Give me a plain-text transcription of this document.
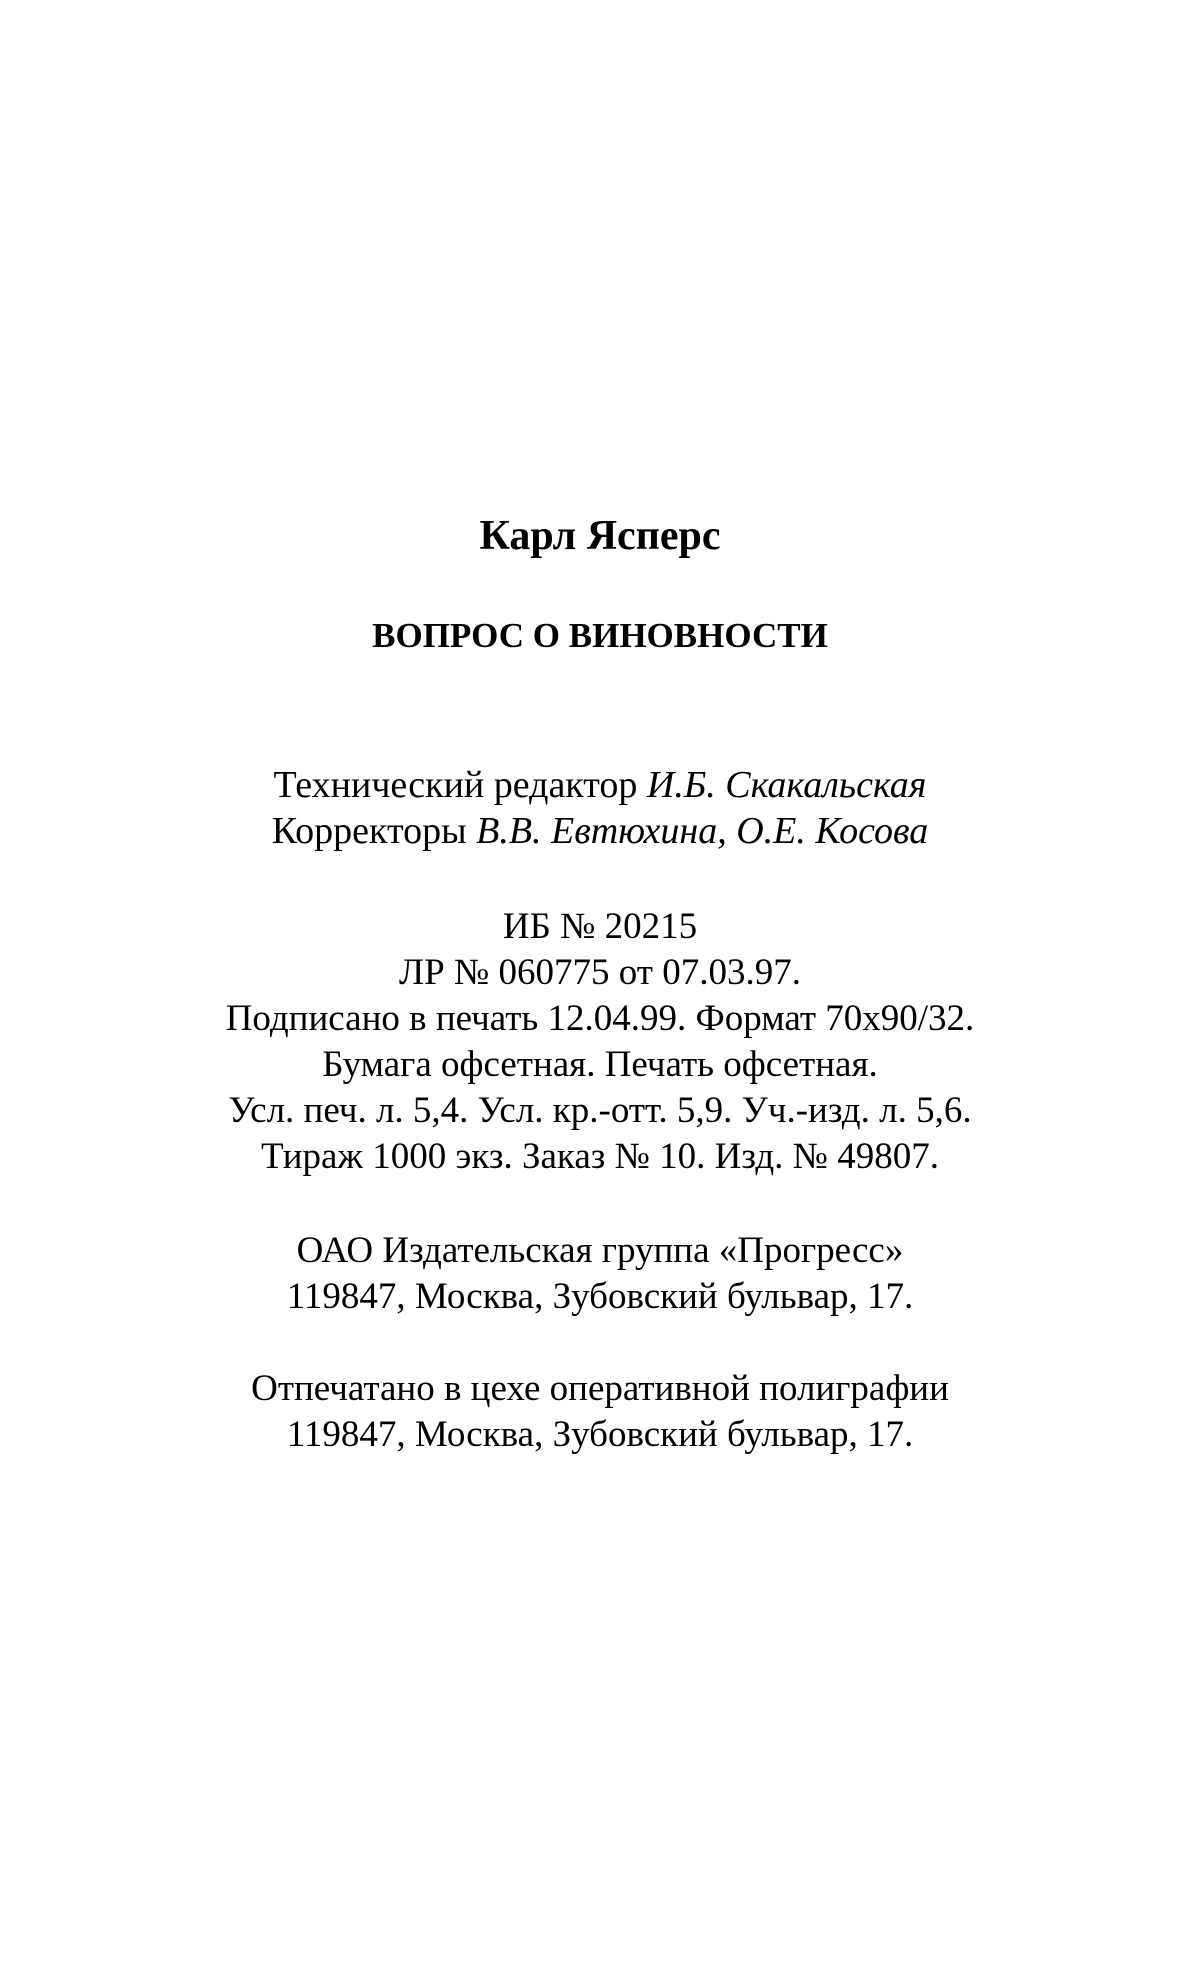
Карл Ясперс
ВОПРОС О ВИНОВНОСТИ
Технический редактор И.Б. Скакальская
Корректоры В.В. Евтюхина, О.Е. Косова
ИБ № 20215
ЛР № 060775 от 07.03.97.
Подписано в печать 12.04.99. Формат 70х90/32.
Бумага офсетная. Печать офсетная.
Усл. печ. л. 5,4. Усл. кр.-отт. 5,9. Уч.-изд. л. 5,6.
Тираж 1000 экз. Заказ № 10. Изд. № 49807.
ОАО Издательская группа «Прогресс»
119847, Москва, Зубовский бульвар, 17.
Отпечатано в цехе оперативной полиграфии
119847, Москва, Зубовский бульвар, 17.
